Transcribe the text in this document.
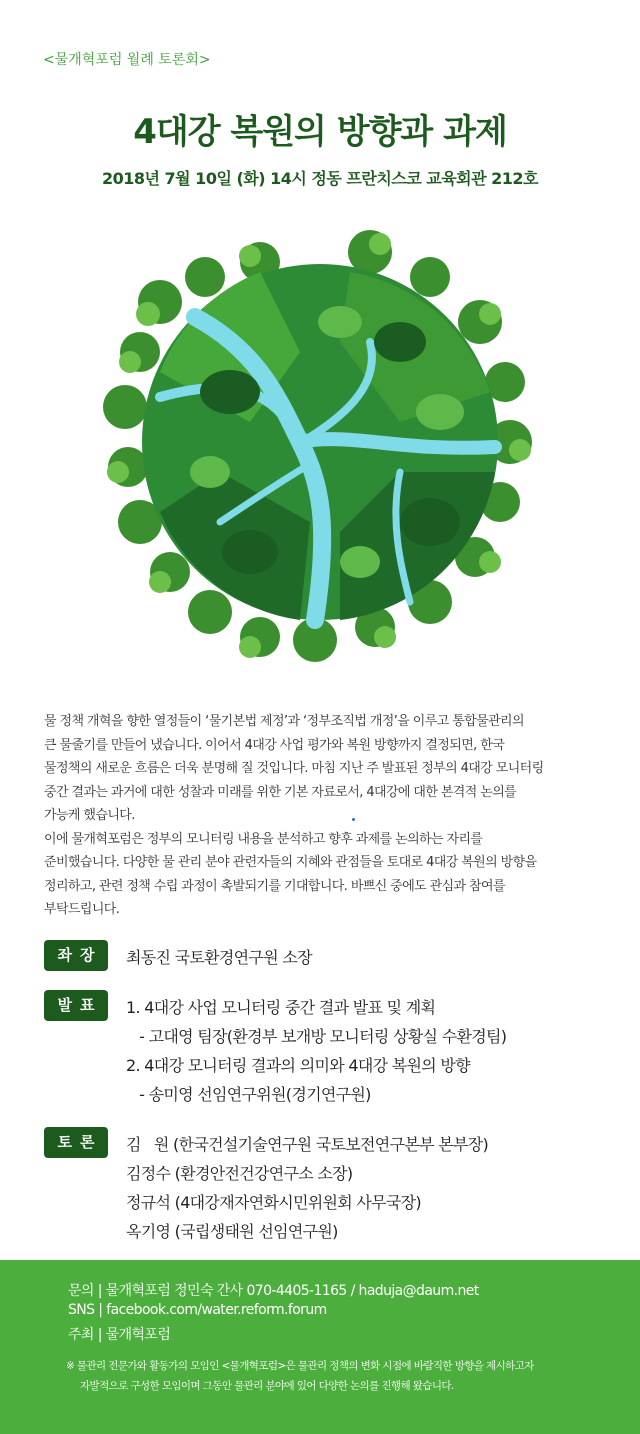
<물개혁포럼 월례 토론회>
4대강 복원의 방향과 과제
2018년 7월 10일 (화) 14시 정동 프란치스코 교육회관 212호

물 정책 개혁을 향한 열정들이 ‘물기본법 제정’과 ‘정부조직법 개정’을 이루고 통합물관리의

큰 물줄기를 만들어 냈습니다. 이어서 4대강 사업 평가와 복원 방향까지 결정되면, 한국

물정책의 새로운 흐름은 더욱 분명해 질 것입니다. 마침 지난 주 발표된 정부의 4대강 모니터링

중간 결과는 과거에 대한 성찰과 미래를 위한 기본 자료로서, 4대강에 대한 본격적 논의를

가능케 했습니다.

이에 물개혁포럼은 정부의 모니터링 내용을 분석하고 향후 과제를 논의하는 자리를

준비했습니다. 다양한 물 관리 분야 관련자들의 지혜와 관점들을 토대로 4대강 복원의 방향을

정리하고, 관련 정책 수립 과정이 촉발되기를 기대합니다. 바쁘신 중에도 관심과 참여를

부탁드립니다.

좌장	최동진 국토환경연구원 소장
발표	1. 4대강 사업 모니터링 중간 결과 발표 및 계획
- 고대영 팀장(환경부 보개방 모니터링 상황실 수환경팀)
2. 4대강 모니터링 결과의 의미와 4대강 복원의 방향
- 송미영 선임연구위원(경기연구원)
토론	김   원 (한국건설기술연구원 국토보전연구본부 본부장)
김정수 (환경안전건강연구소 소장)
정규석 (4대강재자연화시민위원회 사무국장)
옥기영 (국립생태원 선임연구원)
문의 | 물개혁포럼 정민숙 간사 070-4405-1165 / haduja@daum.net
SNS | facebook.com/water.reform.forum
주최 | 물개혁포럼
※ 물관리 전문가와 활동가의 모임인 <물개혁포럼>은 물관리 정책의 변화 시점에 바람직한 방향을 제시하고자
자발적으로 구성한 모임이며 그동안 물관리 분야에 있어 다양한 논의를 진행해 왔습니다.
